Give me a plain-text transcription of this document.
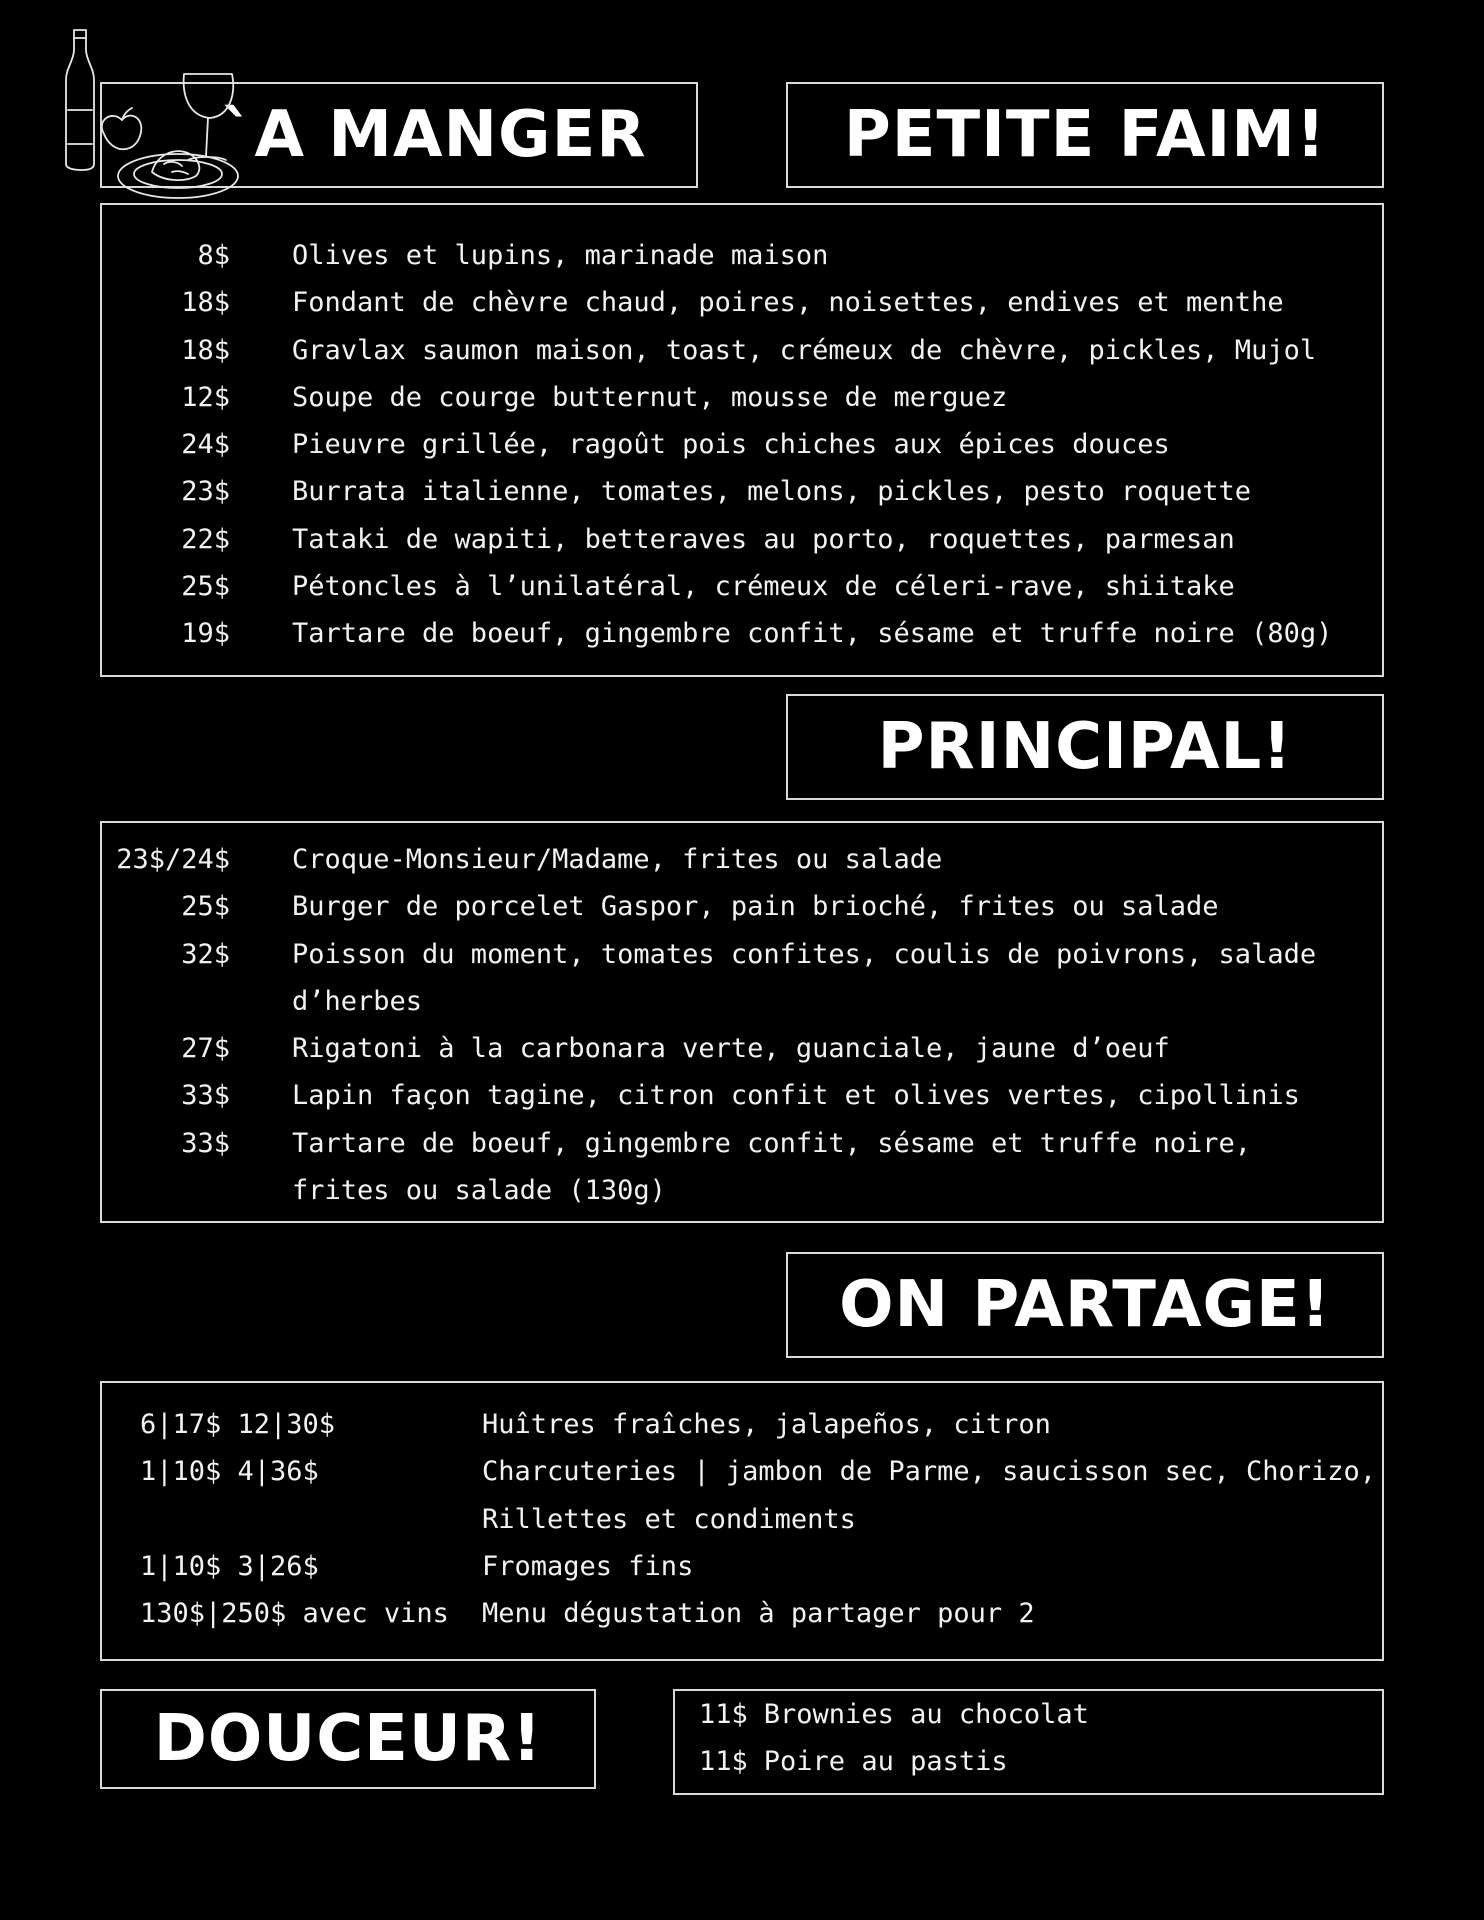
`A MANGER	PETITE FAIM!
8$ Olives et lupins, marinade maison
18$ Fondant de chèvre chaud, poires, noisettes, endives et menthe
18$ Gravlax saumon maison, toast, crémeux de chèvre, pickles, Mujol
12$ Soupe de courge butternut, mousse de merguez
24$ Pieuvre grillée, ragoût pois chiches aux épices douces
23$ Burrata italienne, tomates, melons, pickles, pesto roquette
22$ Tataki de wapiti, betteraves au porto, roquettes, parmesan
25$ Pétoncles à l’unilatéral, crémeux de céleri-rave, shiitake
19$ Tartare de boeuf, gingembre confit, sésame et truffe noire (80g)
PRINCIPAL!
23$/24$ Croque-Monsieur/Madame, frites ou salade
25$ Burger de porcelet Gaspor, pain brioché, frites ou salade
32$ Poisson du moment, tomates confites, coulis de poivrons, salade
d’herbes
27$ Rigatoni à la carbonara verte, guanciale, jaune d’oeuf
33$ Lapin façon tagine, citron confit et olives vertes, cipollinis
33$ Tartare de boeuf, gingembre confit, sésame et truffe noire,
frites ou salade (130g)
ON PARTAGE!
6|17$ 12|30$	Huîtres fraîches, jalapeños, citron
1|10$ 4|36$	Charcuteries | jambon de Parme, saucisson sec, Chorizo,
Rillettes et condiments
1|10$ 3|26$	Fromages fins
130$|250$ avec vins	Menu dégustation à partager pour 2
DOUCEUR!	11$ Brownies au chocolat
11$ Poire au pastis
